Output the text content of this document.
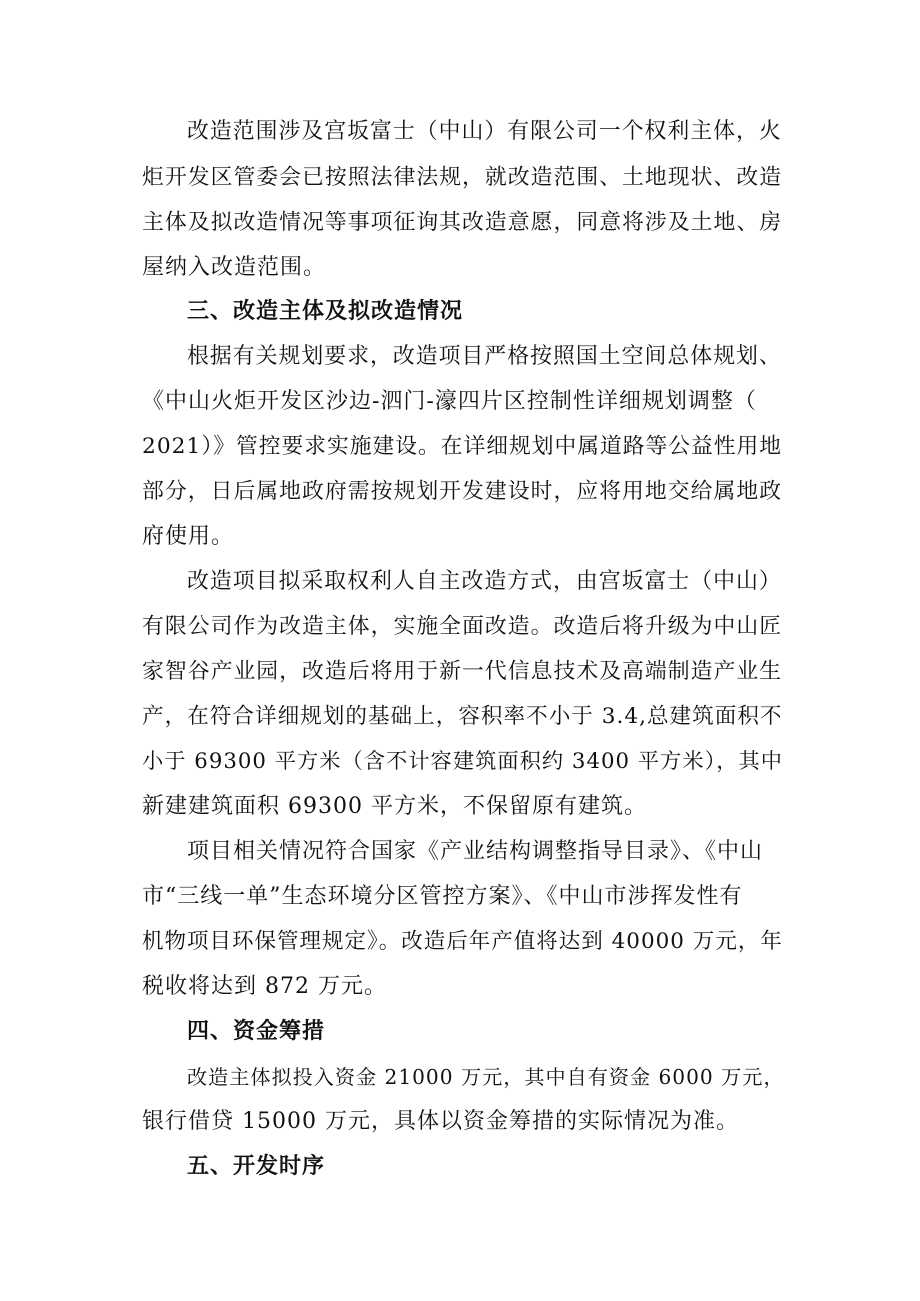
改造范围涉及宫坂富士（中山）有限公司一个权利主体，火
炬开发区管委会已按照法律法规，就改造范围、土地现状、改造
主体及拟改造情况等事项征询其改造意愿，同意将涉及土地、房
屋纳入改造范围。
三、改造主体及拟改造情况
根据有关规划要求，改造项目严格按照国土空间总体规划、
《中山火炬开发区沙边-泗门-濠四片区控制性详细规划调整（
2021）》管控要求实施建设。在详细规划中属道路等公益性用地
部分，日后属地政府需按规划开发建设时，应将用地交给属地政
府使用。
改造项目拟采取权利人自主改造方式，由宫坂富士（中山）
有限公司作为改造主体，实施全面改造。改造后将升级为中山匠
家智谷产业园，改造后将用于新一代信息技术及高端制造产业生
产，在符合详细规划的基础上，容积率不小于 3.4,总建筑面积不
小于 69300 平方米（含不计容建筑面积约 3400 平方米），其中
新建建筑面积 69300 平方米，不保留原有建筑。
项目相关情况符合国家《产业结构调整指导目录》、《中山
市“三线一单”生态环境分区管控方案》、《中山市涉挥发性有
机物项目环保管理规定》。改造后年产值将达到 40000 万元，年
税收将达到 872 万元。
四、资金筹措
改造主体拟投入资金 21000 万元，其中自有资金 6000 万元，
银行借贷 15000 万元，具体以资金筹措的实际情况为准。
五、开发时序
